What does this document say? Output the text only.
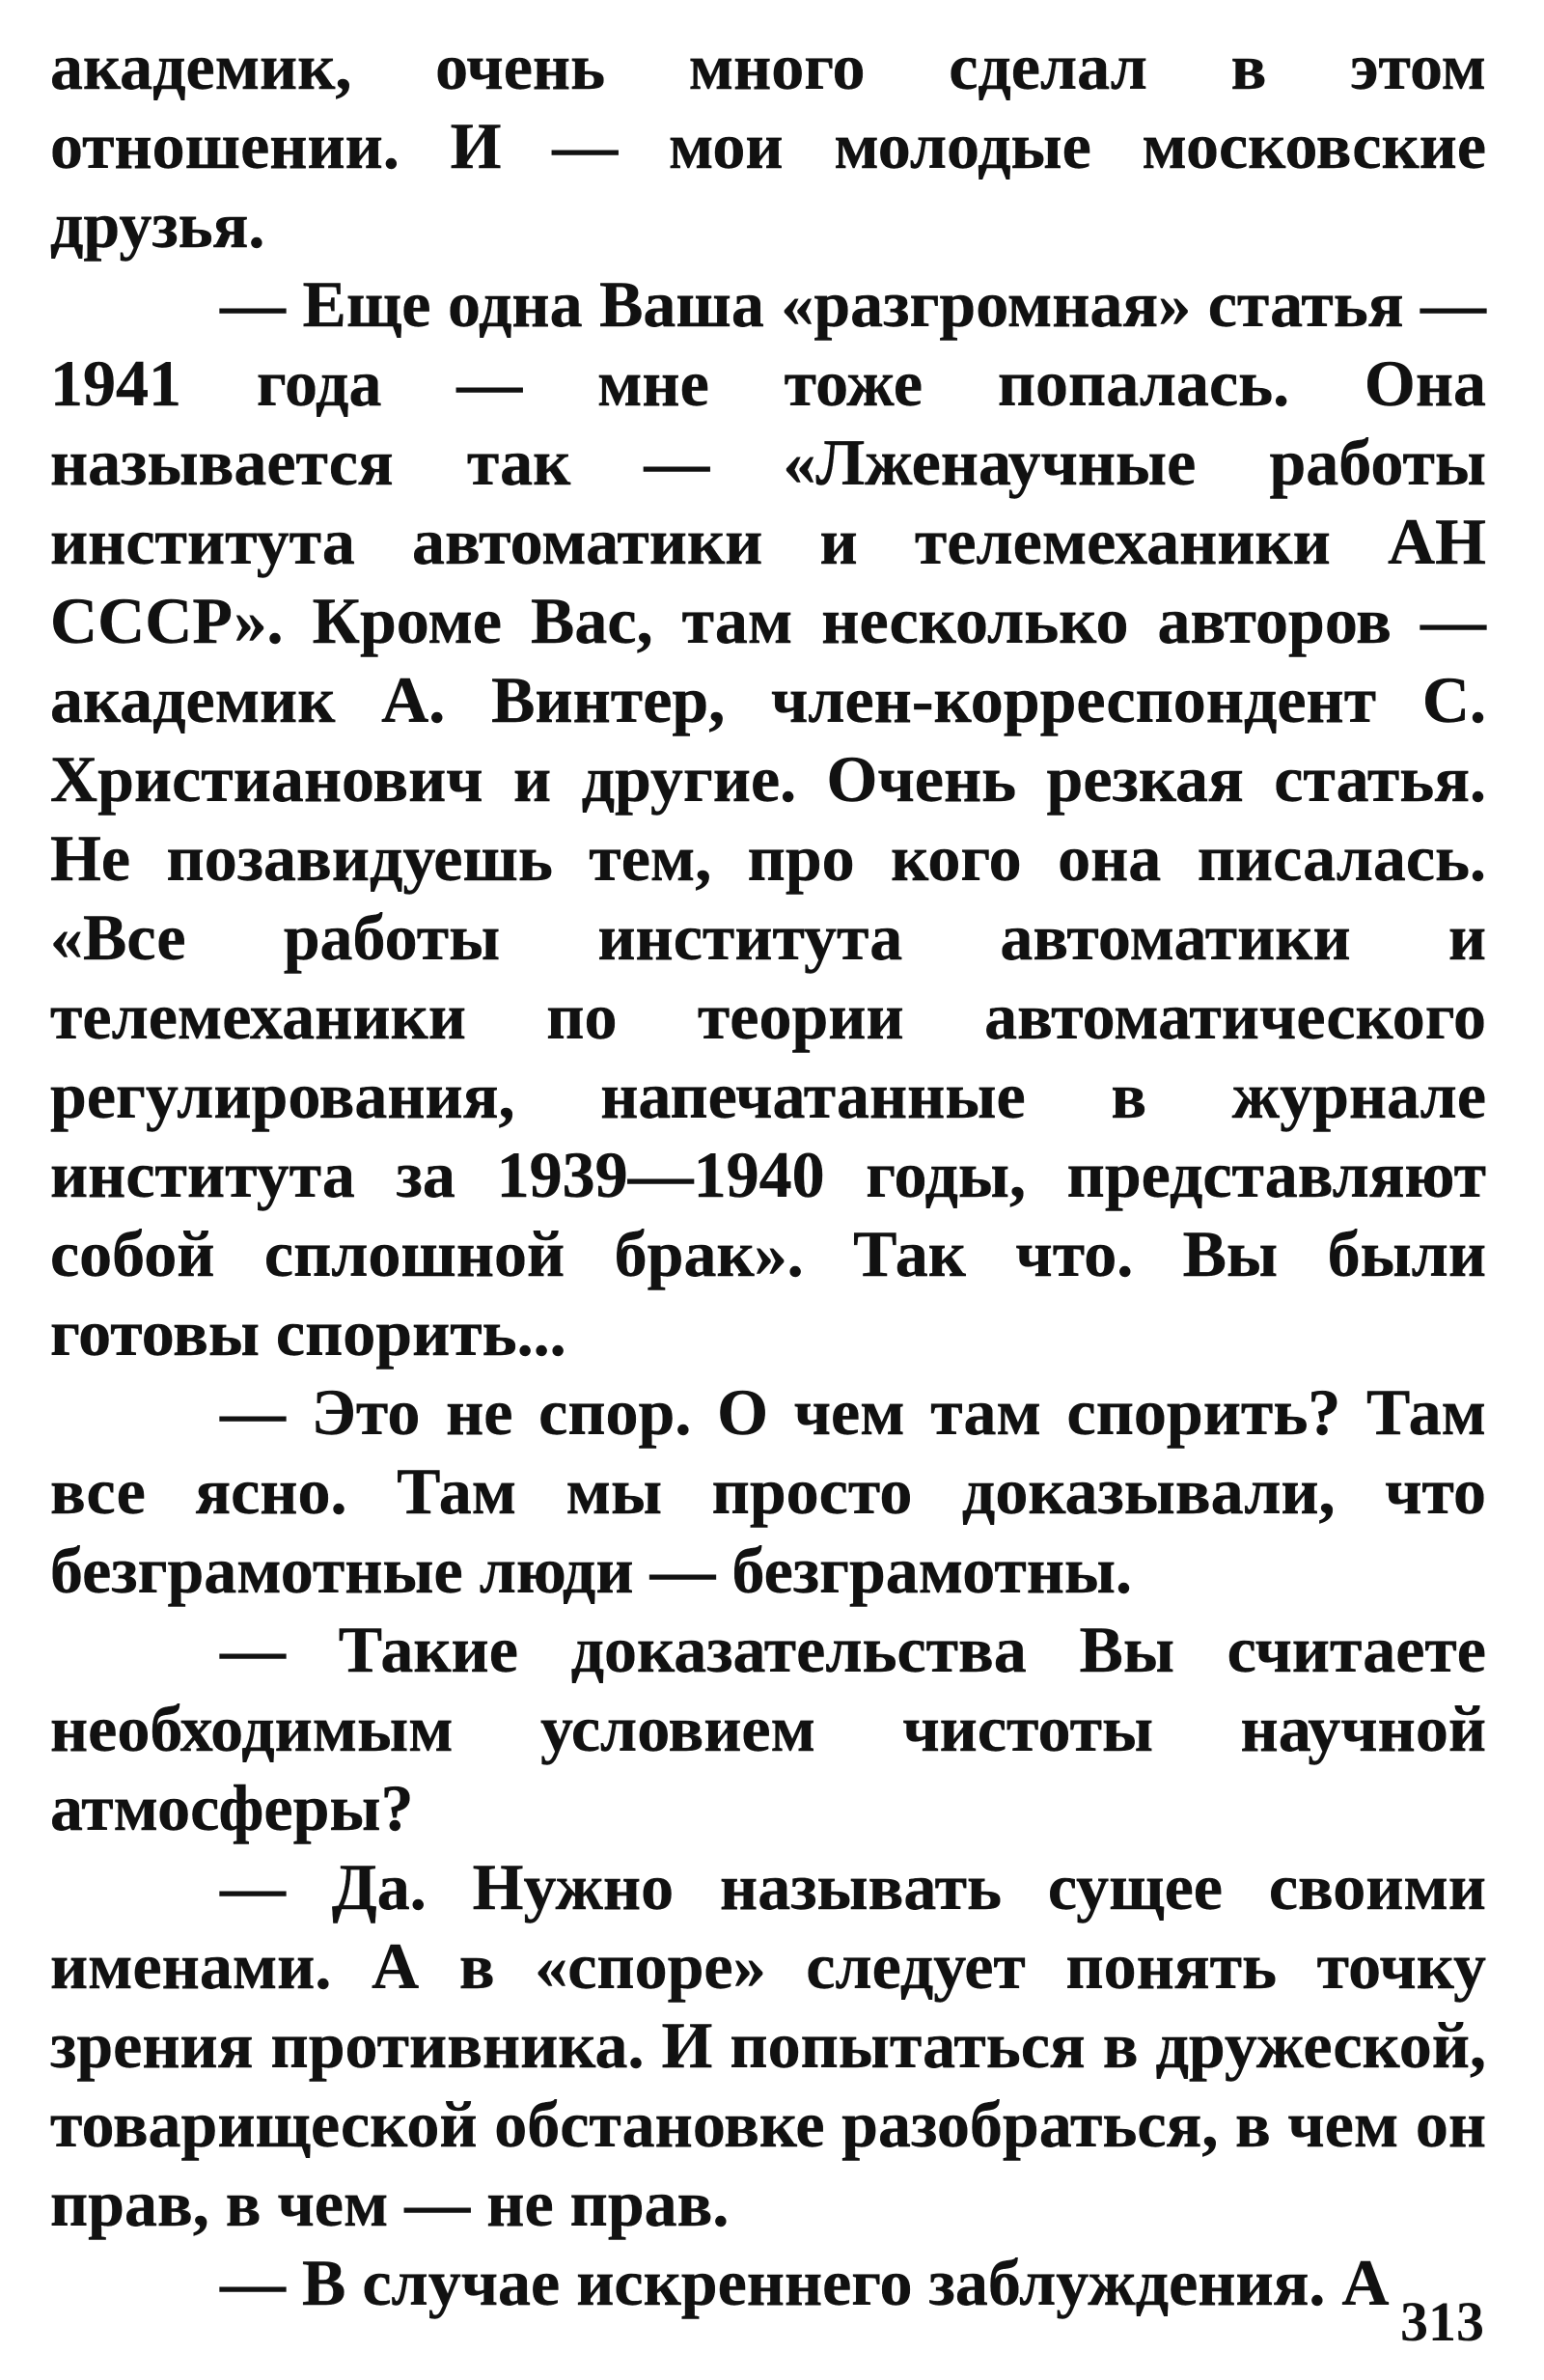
академик, очень много сделал в этом отношении. И — мои молодые московские друзья.

— Еще одна Ваша «разгромная» статья — 1941 года — мне тоже попалась. Она называется так — «Лженаучные работы института автоматики и телемеханики АН СССР». Кроме Вас, там несколько авторов — академик А. Винтер, член-корреспондент С. Христианович и другие. Очень резкая статья. Не позавидуешь тем, про кого она писалась. «Все работы института автоматики и телемеханики по теории автоматического регулирования, напечатанные в журнале института за 1939—1940 годы, представляют собой сплошной брак». Так что. Вы были готовы спорить...

— Это не спор. О чем там спорить? Там все ясно. Там мы просто доказывали, что безграмотные люди — безграмотны.

— Такие доказательства Вы считаете необходимым условием чистоты научной атмосферы?

— Да. Нужно называть сущее своими именами. А в «споре» следует понять точку зрения противника. И попытаться в дружеской, товарищеской обстановке разобраться, в чем он прав, в чем — не прав.

— В случае искреннего заблуждения. А

313
